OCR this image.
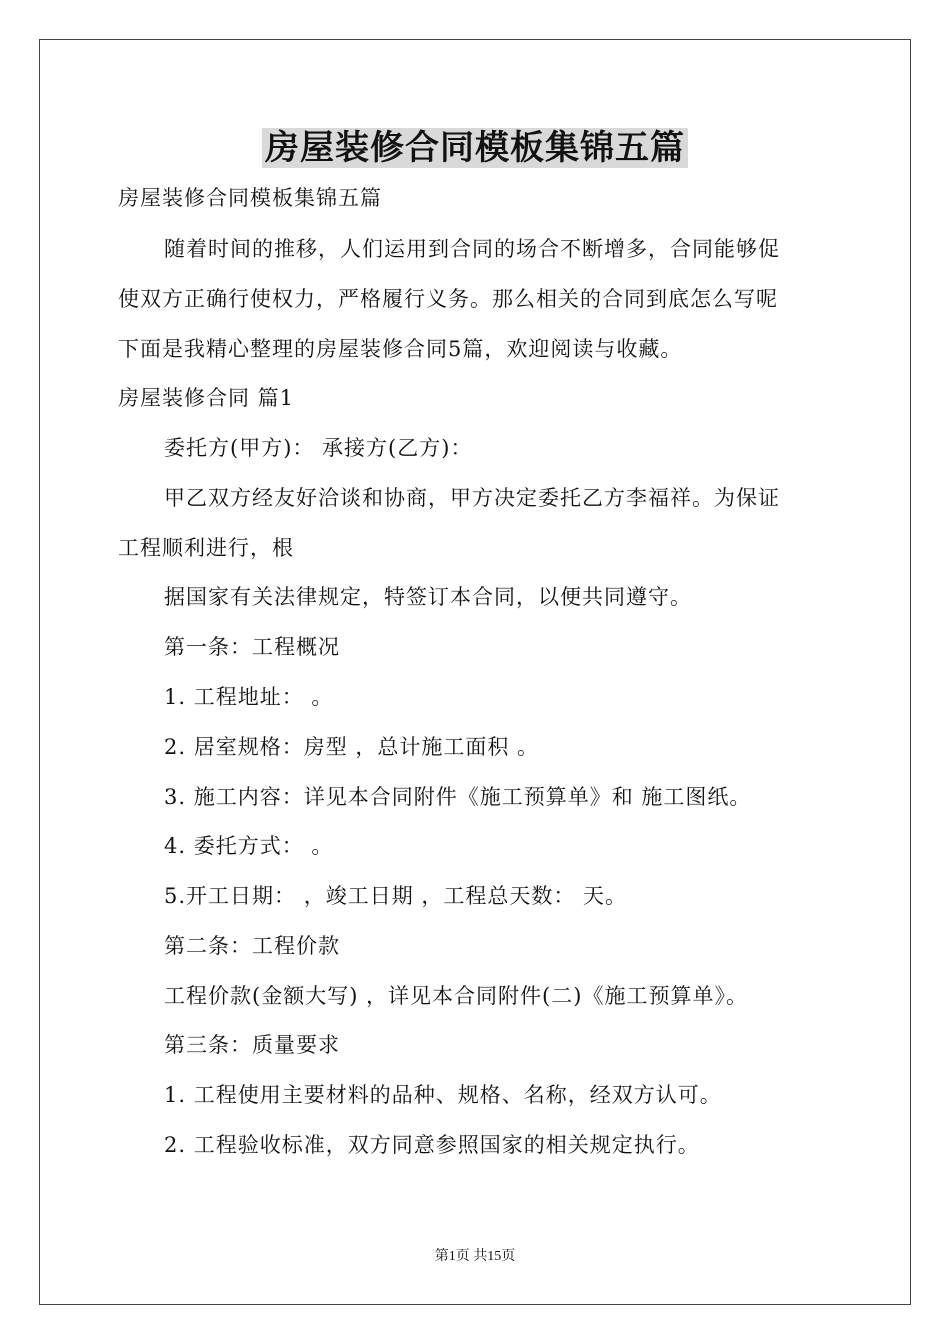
房屋装修合同模板集锦五篇
房屋装修合同模板集锦五篇
随着时间的推移，人们运用到合同的场合不断增多，合同能够促
使双方正确行使权力，严格履行义务。那么相关的合同到底怎么写呢
下面是我精心整理的房屋装修合同5篇，欢迎阅读与收藏。
房屋装修合同 篇1
委托方(甲方)： 承接方(乙方)：
甲乙双方经友好洽谈和协商，甲方决定委托乙方李福祥。为保证
工程顺利进行，根
据国家有关法律规定，特签订本合同，以便共同遵守。
第一条：工程概况
1. 工程地址： 。
2. 居室规格：房型 ，总计施工面积 。
3. 施工内容：详见本合同附件《施工预算单》和 施工图纸。
4. 委托方式： 。
5.开工日期： ，竣工日期 ，工程总天数： 天。
第二条：工程价款
工程价款(金额大写) ，详见本合同附件(二)《施工预算单》。
第三条：质量要求
1. 工程使用主要材料的品种、规格、名称，经双方认可。
2. 工程验收标准，双方同意参照国家的相关规定执行。
第1页 共15页
